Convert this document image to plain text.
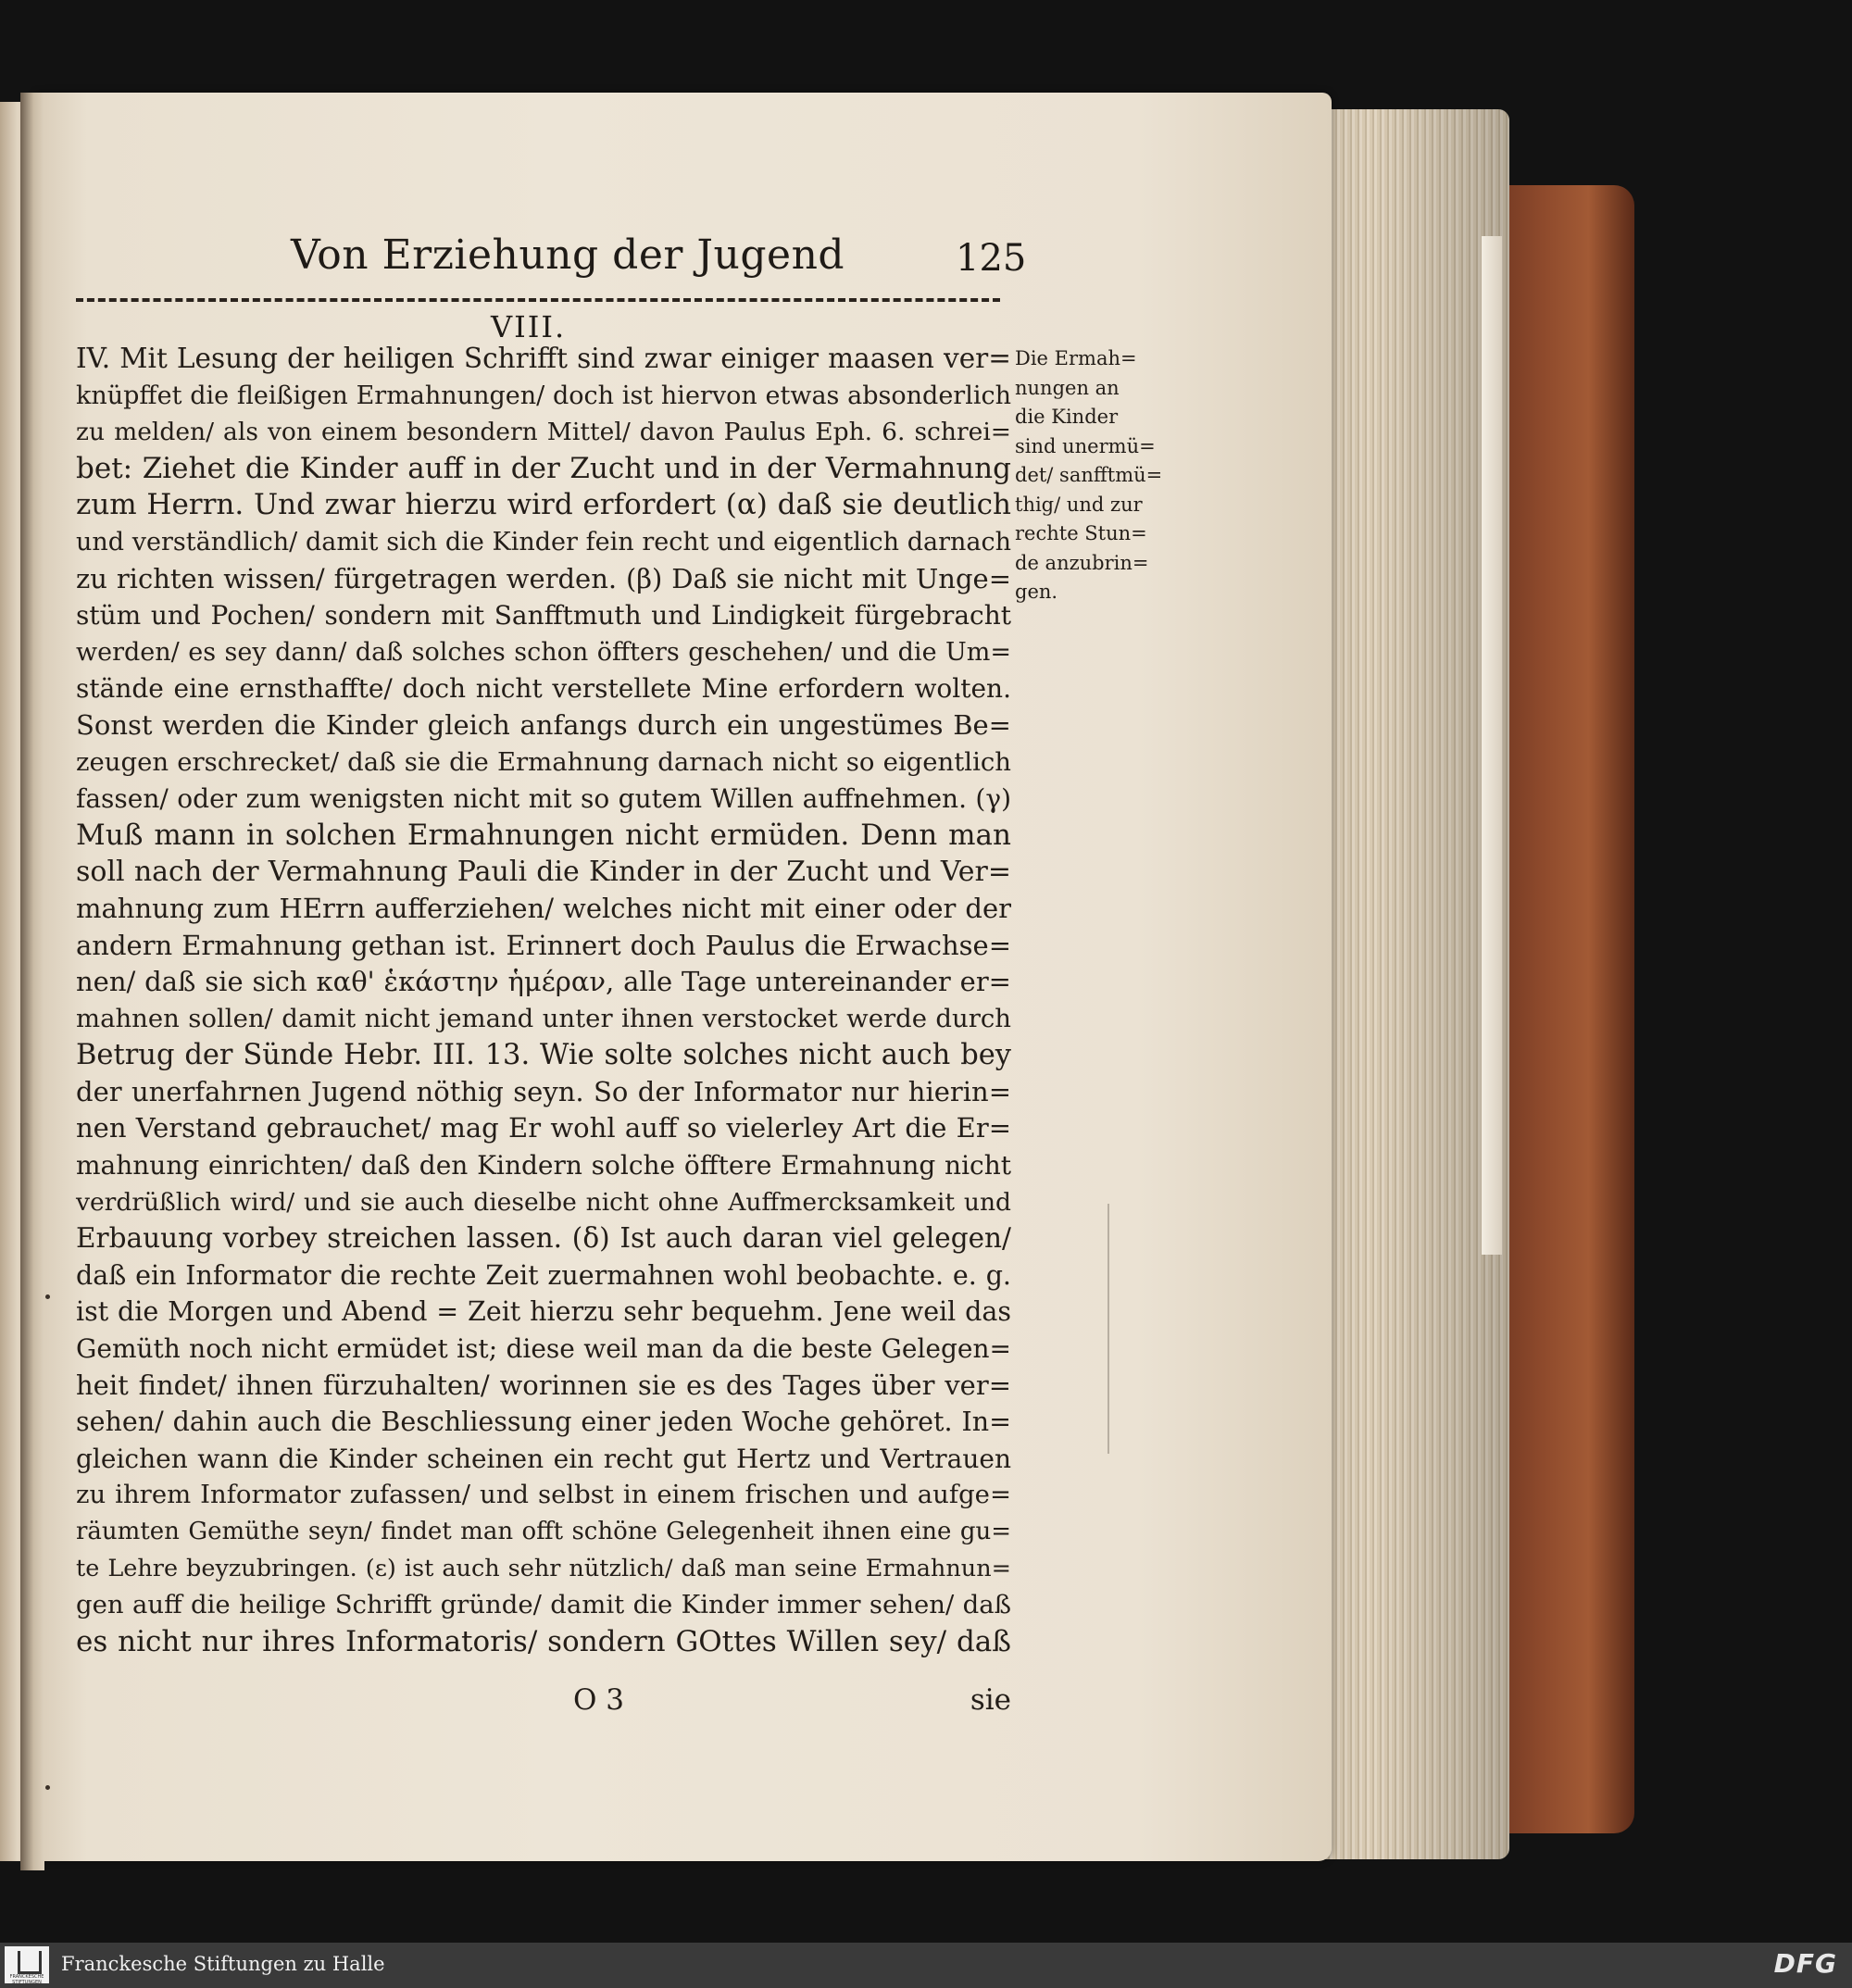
Von Erziehung der Jugend	125
VIII.
IV. Mit Lesung der heiligen Schrifft sind zwar einiger maasen ver=
knüpffet die fleißigen Ermahnungen/ doch ist hiervon etwas absonderlich
zu melden/ als von einem besondern Mittel/ davon Paulus Eph. 6. schrei=
bet: Ziehet die Kinder auff in der Zucht und in der Vermahnung
zum Herrn. Und zwar hierzu wird erfordert (α) daß sie deutlich
und verständlich/ damit sich die Kinder fein recht und eigentlich darnach
zu richten wissen/ fürgetragen werden. (β) Daß sie nicht mit Unge=
stüm und Pochen/ sondern mit Sanfftmuth und Lindigkeit fürgebracht
werden/ es sey dann/ daß solches schon öffters geschehen/ und die Um=
stände eine ernsthaffte/ doch nicht verstellete Mine erfordern wolten.
Sonst werden die Kinder gleich anfangs durch ein ungestümes Be=
zeugen erschrecket/ daß sie die Ermahnung darnach nicht so eigentlich
fassen/ oder zum wenigsten nicht mit so gutem Willen auffnehmen. (γ)
Muß mann in solchen Ermahnungen nicht ermüden. Denn man
soll nach der Vermahnung Pauli die Kinder in der Zucht und Ver=
mahnung zum HErrn aufferziehen/ welches nicht mit einer oder der
andern Ermahnung gethan ist. Erinnert doch Paulus die Erwachse=
nen/ daß sie sich καθ' ἑκάστην ἡμέραν, alle Tage untereinander er=
mahnen sollen/ damit nicht jemand unter ihnen verstocket werde durch
Betrug der Sünde Hebr. III. 13. Wie solte solches nicht auch bey
der unerfahrnen Jugend nöthig seyn. So der Informator nur hierin=
nen Verstand gebrauchet/ mag Er wohl auff so vielerley Art die Er=
mahnung einrichten/ daß den Kindern solche öfftere Ermahnung nicht
verdrüßlich wird/ und sie auch dieselbe nicht ohne Auffmercksamkeit und
Erbauung vorbey streichen lassen. (δ) Ist auch daran viel gelegen/
daß ein Informator die rechte Zeit zuermahnen wohl beobachte. e. g.
ist die Morgen und Abend = Zeit hierzu sehr bequehm. Jene weil das
Gemüth noch nicht ermüdet ist; diese weil man da die beste Gelegen=
heit findet/ ihnen fürzuhalten/ worinnen sie es des Tages über ver=
sehen/ dahin auch die Beschliessung einer jeden Woche gehöret. In=
gleichen wann die Kinder scheinen ein recht gut Hertz und Vertrauen
zu ihrem Informator zufassen/ und selbst in einem frischen und aufge=
räumten Gemüthe seyn/ findet man offt schöne Gelegenheit ihnen eine gu=
te Lehre beyzubringen. (ε) ist auch sehr nützlich/ daß man seine Ermahnun=
gen auff die heilige Schrifft gründe/ damit die Kinder immer sehen/ daß
es nicht nur ihres Informatoris/ sondern GOttes Willen sey/ daß
Die Ermah=
nungen an
die Kinder
sind unermü=
det/ sanfftmü=
thig/ und zur
rechte Stun=
de anzubrin=
gen.
O 3	sie
FRANCKESCHE STIFTUNGEN
Franckesche Stiftungen zu Halle	DFG
